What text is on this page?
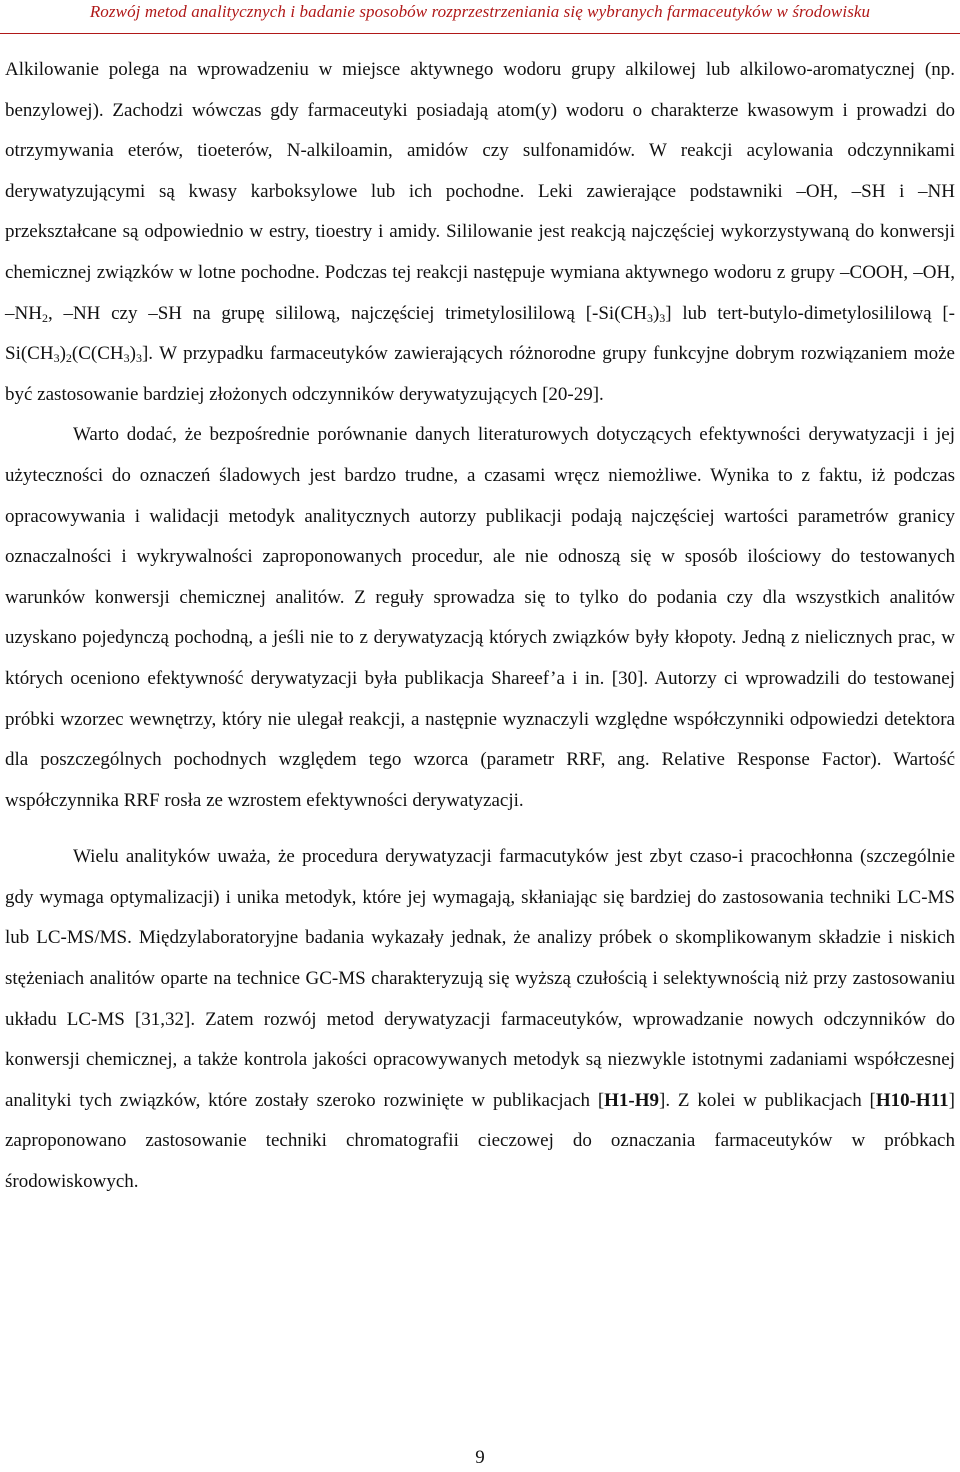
Rozwój metod analitycznych i badanie sposobów rozprzestrzeniania się wybranych farmaceutyków w środowisku

Alkilowanie polega na wprowadzeniu w miejsce aktywnego wodoru grupy alkilowej lub alkilowo-aromatycznej (np. benzylowej). Zachodzi wówczas gdy farmaceutyki posiadają atom(y) wodoru o charakterze kwasowym i prowadzi do otrzymywania eterów, tioeterów, N-alkiloamin, amidów czy sulfonamidów. W reakcji acylowania odczynnikami derywatyzującymi są kwasy karboksylowe lub ich pochodne. Leki zawierające podstawniki –OH, –SH i –NH przekształcane są odpowiednio w estry, tioestry i amidy. Sililowanie jest reakcją najczęściej wykorzystywaną do konwersji chemicznej związków w lotne pochodne. Podczas tej reakcji następuje wymiana aktywnego wodoru z grupy –COOH, –OH, $-NH_2$, –NH czy –SH na grupę sililową, najczęściej trimetylosililową $[-Si(CH_3)_3]$ lub tert-butylo-dimetylosililową [$-Si(CH_3)_2(C(CH_3)_3]$. W przypadku farmaceutyków zawierających różnorodne grupy funkcyjne dobrym rozwiązaniem może być zastosowanie bardziej złożonych odczynników derywatyzujących [20-29].

Warto dodać, że bezpośrednie porównanie danych literaturowych dotyczących efektywności derywatyzacji i jej użyteczności do oznaczeń śladowych jest bardzo trudne, a czasami wręcz niemożliwe. Wynika to z faktu, iż podczas opracowywania i walidacji metodyk analitycznych autorzy publikacji podają najczęściej wartości parametrów granicy oznaczalności i wykrywalności zaproponowanych procedur, ale nie odnoszą się w sposób ilościowy do testowanych warunków konwersji chemicznej analitów. Z reguły sprowadza się to tylko do podania czy dla wszystkich analitów uzyskano pojedynczą pochodną, a jeśli nie to z derywatyzacją których związków były kłopoty. Jedną z nielicznych prac, w których oceniono efektywność derywatyzacji była publikacja Shareef’a i in. [30]. Autorzy ci wprowadzili do testowanej próbki wzorzec wewnętrzy, który nie ulegał reakcji, a następnie wyznaczyli względne współczynniki odpowiedzi detektora dla poszczególnych pochodnych względem tego wzorca (parametr RRF, ang. Relative Response Factor). Wartość współczynnika RRF rosła ze wzrostem efektywności derywatyzacji.

Wielu analityków uważa, że procedura derywatyzacji farmacutyków jest zbyt czaso-i pracochłonna (szczególnie gdy wymaga optymalizacji) i unika metodyk, które jej wymagają, skłaniając się bardziej do zastosowania techniki LC-MS lub LC-MS/MS. Międzylaboratoryjne badania wykazały jednak, że analizy próbek o skomplikowanym składzie i niskich stężeniach analitów oparte na technice GC-MS charakteryzują się wyższą czułością i selektywnością niż przy zastosowaniu układu LC-MS [31,32]. Zatem rozwój metod derywatyzacji farmaceutyków, wprowadzanie nowych odczynników do konwersji chemicznej, a także kontrola jakości opracowywanych metodyk są niezwykle istotnymi zadaniami współczesnej analityki tych związków, które zostały szeroko rozwinięte w publikacjach [H1-H9]. Z kolei w publikacjach [H10-H11] zaproponowano zastosowanie techniki chromatografii cieczowej do oznaczania farmaceutyków w próbkach środowiskowych.

9
